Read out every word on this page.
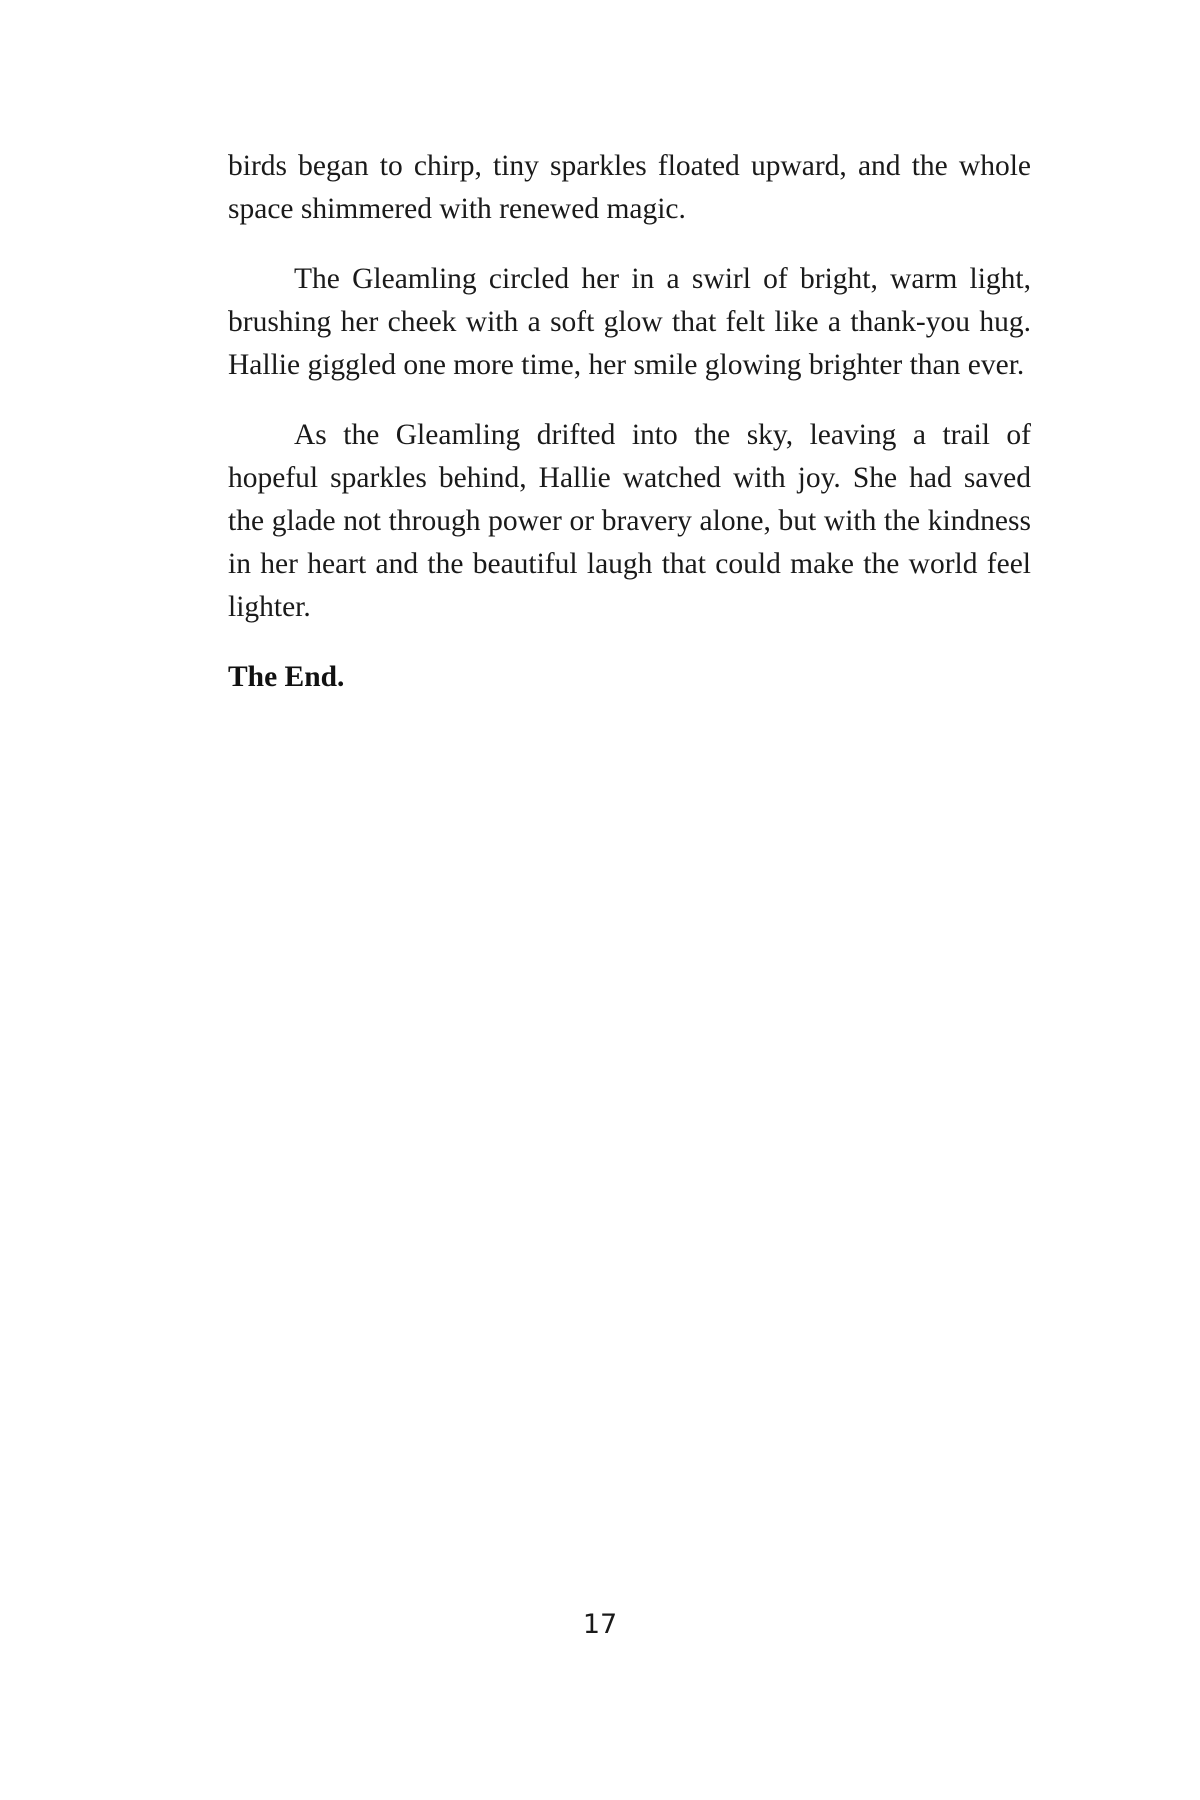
birds began to chirp, tiny sparkles floated upward, and the whole space shimmered with renewed magic.

The Gleamling circled her in a swirl of bright, warm light, brushing her cheek with a soft glow that felt like a thank-you hug. Hallie giggled one more time, her smile glowing brighter than ever.

As the Gleamling drifted into the sky, leaving a trail of hopeful sparkles behind, Hallie watched with joy. She had saved the glade not through power or bravery alone, but with the kindness in her heart and the beautiful laugh that could make the world feel lighter.

The End.

17
